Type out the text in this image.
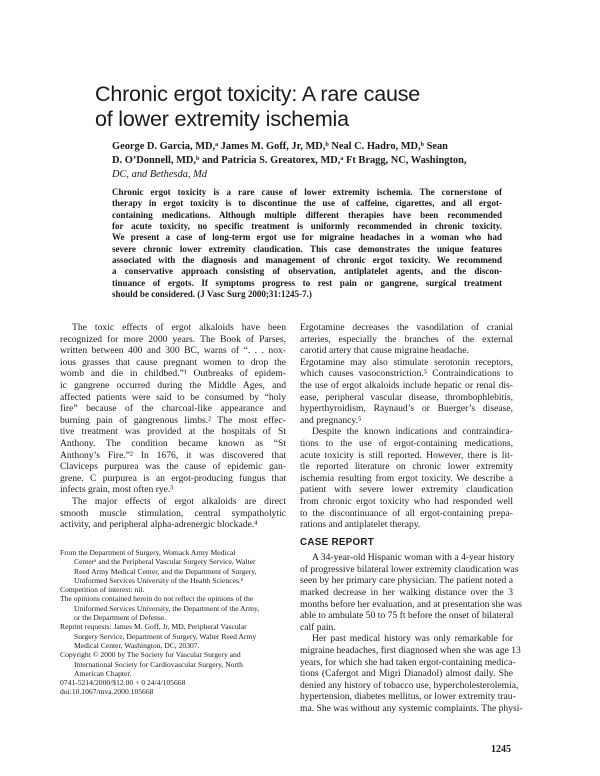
Chronic ergot toxicity: A rare cause
of lower extremity ischemia
George D. Garcia, MD,ᵃ James M. Goff, Jr, MD,ᵇ Neal C. Hadro, MD,ᵇ Sean
D. O’Donnell, MD,ᵇ and Patricia S. Greatorex, MD,ᵃ Ft Bragg, NC, Washington,
DC, and Bethesda, Md
Chronic ergot toxicity is a rare cause of lower extremity ischemia. The cornerstone of
therapy in ergot toxicity is to discontinue the use of caffeine, cigarettes, and all ergot-
containing medications. Although multiple different therapies have been recommended
for acute toxicity, no specific treatment is uniformly recommended in chronic toxicity.
We present a case of long-term ergot use for migraine headaches in a woman who had
severe chronic lower extremity claudication. This case demonstrates the unique features
associated with the diagnosis and management of chronic ergot toxicity. We recommend
a conservative approach consisting of observation, antiplatelet agents, and the discon-
tinuance of ergots. If symptoms progress to rest pain or gangrene, surgical treatment
should be considered. (J Vasc Surg 2000;31:1245-7.)
The toxic effects of ergot alkaloids have been
recognized for more 2000 years. The Book of Parses,
written between 400 and 300 BC, warns of “. . . nox-
ious grasses that cause pregnant women to drop the
womb and die in childbed.”¹ Outbreaks of epidem-
ic gangrene occurred during the Middle Ages, and
affected patients were said to be consumed by “holy
fire” because of the charcoal-like appearance and
burning pain of gangrenous limbs.² The most effec-
tive treatment was provided at the hospitals of St
Anthony. The condition became known as “St
Anthony’s Fire.”² In 1676, it was discovered that
Claviceps purpurea was the cause of epidemic gan-
grene. C purpurea is an ergot-producing fungus that
infects grain, most often rye.³
The major effects of ergot alkaloids are direct
smooth muscle stimulation, central sympatholytic
activity, and peripheral alpha-adrenergic blockade.⁴
Ergotamine decreases the vasodilation of cranial
arteries, especially the branches of the external
carotid artery that cause migraine headache.
Ergotamine may also stimulate serotonin receptors,
which causes vasoconstriction.⁵ Contraindications to
the use of ergot alkaloids include hepatic or renal dis-
ease, peripheral vascular disease, thrombophlebitis,
hyperthyroidism, Raynaud’s or Buerger’s disease,
and pregnancy.⁵
Despite the known indications and contraindica-
tions to the use of ergot-containing medications,
acute toxicity is still reported. However, there is lit-
tle reported literature on chronic lower extremity
ischemia resulting from ergot toxicity. We describe a
patient with severe lower extremity claudication
from chronic ergot toxicity who had responded well
to the discontinuance of all ergot-containing prepa-
rations and antiplatelet therapy.
CASE REPORT
A 34-year-old Hispanic woman with a 4-year history
of progressive bilateral lower extremity claudication was
seen by her primary care physician. The patient noted a
marked decrease in her walking distance over the 3
months before her evaluation, and at presentation she was
able to ambulate 50 to 75 ft before the onset of bilateral
calf pain.
Her past medical history was only remarkable for
migraine headaches, first diagnosed when she was age 13
years, for which she had taken ergot-containing medica-
tions (Cafergot and Migri Dianadol) almost daily. She
denied any history of tobacco use, hypercholesterolemia,
hypertension, diabetes mellitus, or lower extremity trau-
ma. She was without any systemic complaints. The physi-
From the Department of Surgery, Womack Army Medical
Centerᵃ and the Peripheral Vascular Surgery Service, Walter
Reed Army Medical Center, and the Department of Surgery,
Uniformed Services University of the Health Sciences.ᵇ
Competition of interest: nil.
The opinions contained herein do not reflect the opinions of the
Uniformed Services University, the Department of the Army,
or the Department of Defense.
Reprint requests: James M. Goff, Jr, MD, Peripheral Vascular
Surgery Service, Department of Surgery, Walter Reed Army
Medical Center, Washington, DC, 20307.
Copyright © 2000 by The Society for Vascular Surgery and
International Society for Cardiovascular Surgery, North
American Chapter.
0741-5214/2000/$12.00 + 0 24/4/105668
doi:10.1067/mva.2000.105668
1245
